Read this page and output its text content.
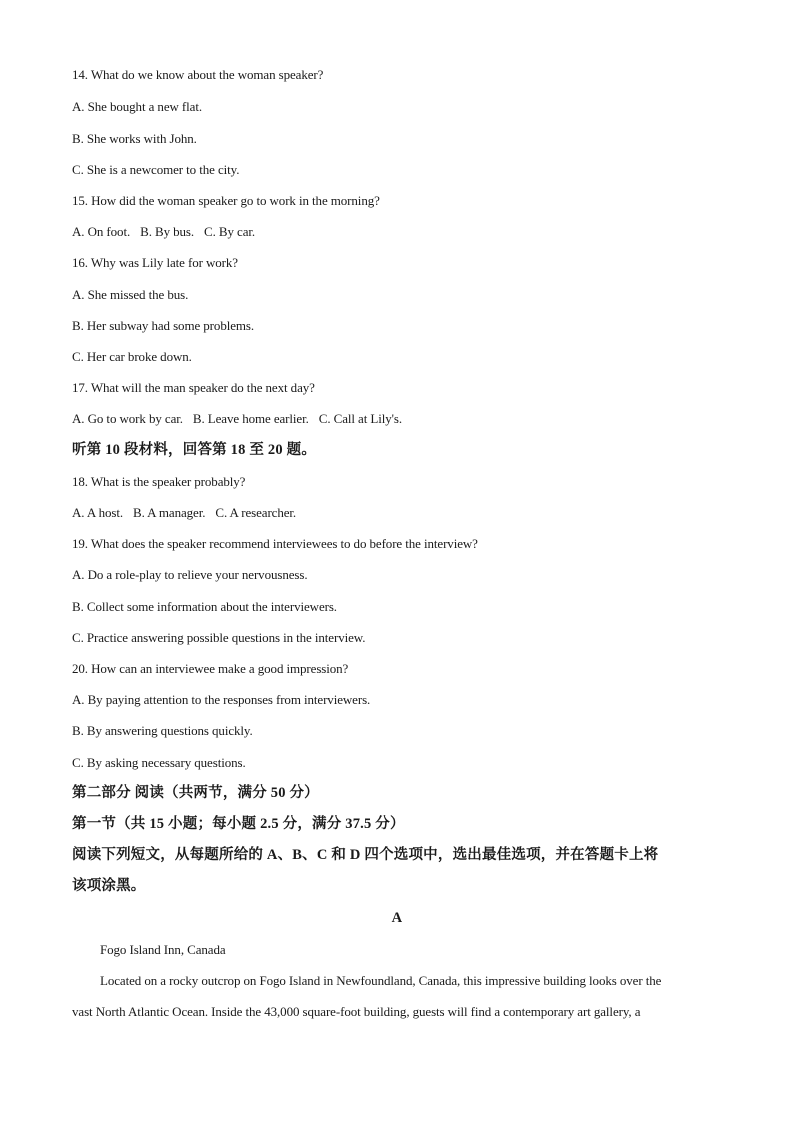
14. What do we know about the woman speaker?
A. She bought a new flat.
B. She works with John.
C. She is a newcomer to the city.
15. How did the woman speaker go to work in the morning?
A. On foot. B. By bus. C. By car.
16. Why was Lily late for work?
A. She missed the bus.
B. Her subway had some problems.
C. Her car broke down.
17. What will the man speaker do the next day?
A. Go to work by car. B. Leave home earlier. C. Call at Lily's.
听第 10 段材料，回答第 18 至 20 题。
18. What is the speaker probably?
A. A host. B. A manager. C. A researcher.
19. What does the speaker recommend interviewees to do before the interview?
A. Do a role-play to relieve your nervousness.
B. Collect some information about the interviewers.
C. Practice answering possible questions in the interview.
20. How can an interviewee make a good impression?
A. By paying attention to the responses from interviewers.
B. By answering questions quickly.
C. By asking necessary questions.
第二部分 阅读（共两节，满分 50 分）
第一节（共 15 小题；每小题 2.5 分，满分 37.5 分）
阅读下列短文，从每题所给的 A、B、C 和 D 四个选项中，选出最佳选项，并在答题卡上将
该项涂黑。
A
Fogo Island Inn, Canada
Located on a rocky outcrop on Fogo Island in Newfoundland, Canada, this impressive building looks over the
vast North Atlantic Ocean. Inside the 43,000 square-foot building, guests will find a contemporary art gallery, a
